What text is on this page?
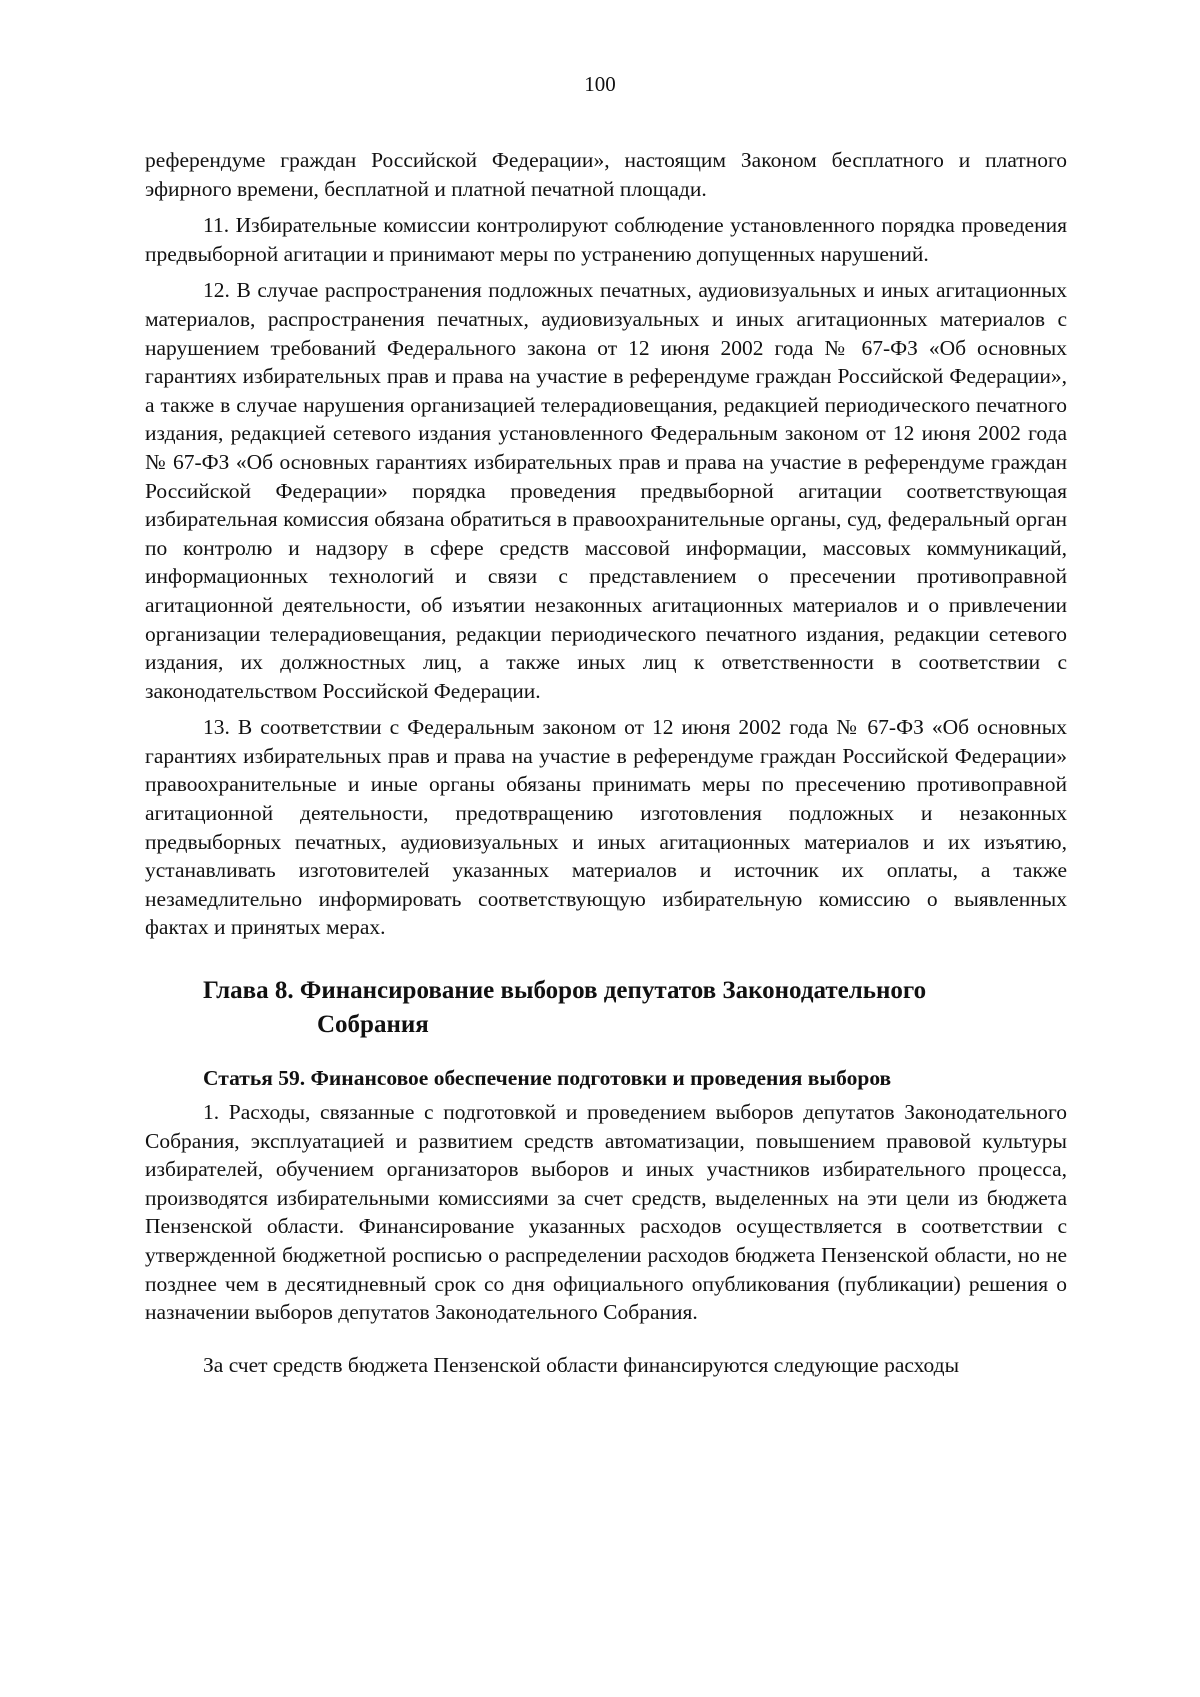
100

референдуме граждан Российской Федерации», настоящим Законом бесплатного и платного эфирного времени, бесплатной и платной печатной площади.

11. Избирательные комиссии контролируют соблюдение установленного порядка проведения предвыборной агитации и принимают меры по устранению допущенных нарушений.

12. В случае распространения подложных печатных, аудиовизуальных и иных агитационных материалов, распространения печатных, аудиовизуальных и иных агитационных материалов с нарушением требований Федерального закона от 12 июня 2002 года № 67-ФЗ «Об основных гарантиях избирательных прав и права на участие в референдуме граждан Российской Федерации», а также в случае нарушения организацией телерадиовещания, редакцией периодического печатного издания, редакцией сетевого издания установленного Федеральным законом от 12 июня 2002 года № 67-ФЗ «Об основных гарантиях избирательных прав и права на участие в референдуме граждан Российской Федерации» порядка проведения предвыборной агитации соответствующая избирательная комиссия обязана обратиться в правоохранительные органы, суд, федеральный орган по контролю и надзору в сфере средств массовой информации, массовых коммуникаций, информационных технологий и связи с представлением о пресечении противоправной агитационной деятельности, об изъятии незаконных агитационных материалов и о привлечении организации телерадиовещания, редакции периодического печатного издания, редакции сетевого издания, их должностных лиц, а также иных лиц к ответственности в соответствии с законодательством Российской Федерации.

13. В соответствии с Федеральным законом от 12 июня 2002 года № 67-ФЗ «Об основных гарантиях избирательных прав и права на участие в референдуме граждан Российской Федерации» правоохранительные и иные органы обязаны принимать меры по пресечению противоправной агитационной деятельности, предотвращению изготовления подложных и незаконных предвыборных печатных, аудиовизуальных и иных агитационных материалов и их изъятию, устанавливать изготовителей указанных материалов и источник их оплаты, а также незамедлительно информировать соответствующую избирательную комиссию о выявленных фактах и принятых мерах.

Глава 8. Финансирование выборов депутатов Законодательного
Собрания
Статья 59. Финансовое обеспечение подготовки и проведения выборов

1. Расходы, связанные с подготовкой и проведением выборов депутатов Законодательного Собрания, эксплуатацией и развитием средств автоматизации, повышением правовой культуры избирателей, обучением организаторов выборов и иных участников избирательного процесса, производятся избирательными комиссиями за счет средств, выделенных на эти цели из бюджета Пензенской области. Финансирование указанных расходов осуществляется в соответствии с утвержденной бюджетной росписью о распределении расходов бюджета Пензенской области, но не позднее чем в десятидневный срок со дня официального опубликования (публикации) решения о назначении выборов депутатов Законодательного Собрания.

За счет средств бюджета Пензенской области финансируются следующие расходы
